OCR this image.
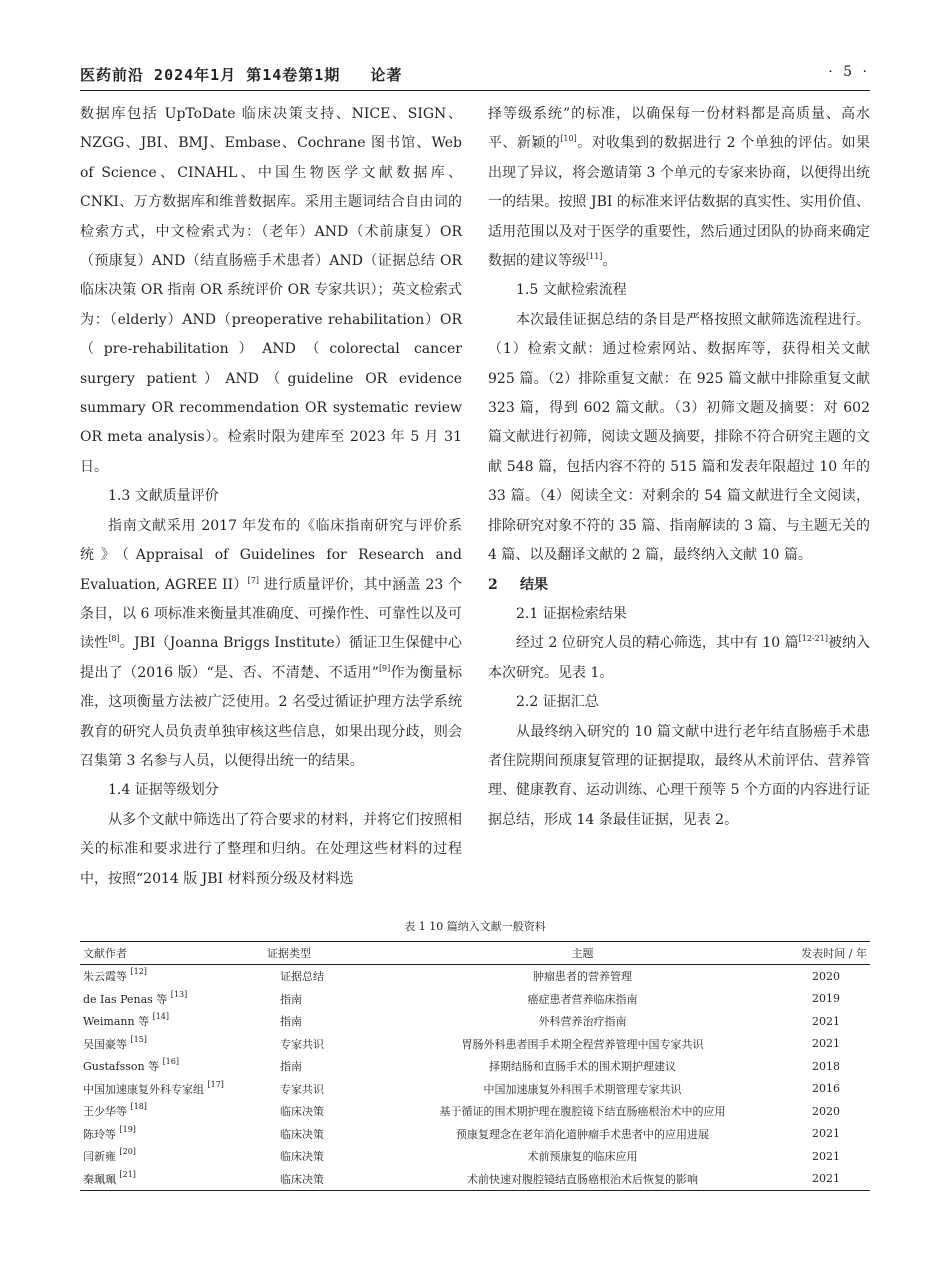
医药前沿 2024年1月 第14卷第1期 论著	· 5 ·

数据库包括 UpToDate 临床决策支持、NICE、SIGN、NZGG、JBI、BMJ、Embase、Cochrane 图书馆、Web of Science、CINAHL、中国生物医学文献数据库、CNKI、万方数据库和维普数据库。采用主题词结合自由词的检索方式，中文检索式为：（老年）AND（术前康复）OR（预康复）AND（结直肠癌手术患者）AND（证据总结 OR 临床决策 OR 指南 OR 系统评价 OR 专家共识）；英文检索式为：（elderly）AND（preoperative rehabilitation）OR（pre-rehabilitation）AND（colorectal cancer surgery patient）AND（guideline OR evidence summary OR recommendation OR systematic review OR meta analysis）。检索时限为建库至 2023 年 5 月 31 日。

1.3 文献质量评价

指南文献采用 2017 年发布的《临床指南研究与评价系统》（Appraisal of Guidelines for Research and Evaluation, AGREE II）[7] 进行质量评价，其中涵盖 23 个条目，以 6 项标准来衡量其准确度、可操作性、可靠性以及可读性[8]。JBI（Joanna Briggs Institute）循证卫生保健中心提出了（2016 版）“是、否、不清楚、不适用”[9]作为衡量标准，这项衡量方法被广泛使用。2 名受过循证护理方法学系统教育的研究人员负责单独审核这些信息，如果出现分歧，则会召集第 3 名参与人员，以便得出统一的结果。

1.4 证据等级划分

从多个文献中筛选出了符合要求的材料，并将它们按照相关的标准和要求进行了整理和归纳。在处理这些材料的过程中，按照“2014 版 JBI 材料预分级及材料选

择等级系统”的标准，以确保每一份材料都是高质量、高水平、新颖的[10]。对收集到的数据进行 2 个单独的评估。如果出现了异议，将会邀请第 3 个单元的专家来协商，以便得出统一的结果。按照 JBI 的标准来评估数据的真实性、实用价值、适用范围以及对于医学的重要性，然后通过团队的协商来确定数据的建议等级[11]。

1.5 文献检索流程

本次最佳证据总结的条目是严格按照文献筛选流程进行。（1）检索文献：通过检索网站、数据库等，获得相关文献 925 篇。（2）排除重复文献：在 925 篇文献中排除重复文献 323 篇，得到 602 篇文献。（3）初筛文题及摘要：对 602 篇文献进行初筛，阅读文题及摘要，排除不符合研究主题的文献 548 篇，包括内容不符的 515 篇和发表年限超过 10 年的 33 篇。（4）阅读全文：对剩余的 54 篇文献进行全文阅读，排除研究对象不符的 35 篇、指南解读的 3 篇、与主题无关的 4 篇、以及翻译文献的 2 篇，最终纳入文献 10 篇。

2 结果
2.1 证据检索结果

经过 2 位研究人员的精心筛选，其中有 10 篇[12-21]被纳入本次研究。见表 1。

2.2 证据汇总

从最终纳入研究的 10 篇文献中进行老年结直肠癌手术患者住院期间预康复管理的证据提取，最终从术前评估、营养管理、健康教育、运动训练、心理干预等 5 个方面的内容进行证据总结，形成 14 条最佳证据，见表 2。

表 1 10 篇纳入文献一般资料
文献作者	证据类型	主题	发表时间 / 年
朱云霞等 [12]	证据总结	肿瘤患者的营养管理	2020
de Ias Penas 等 [13]	指南	癌症患者营养临床指南	2019
Weimann 等 [14]	指南	外科营养治疗指南	2021
吴国豪等 [15]	专家共识	胃肠外科患者围手术期全程营养管理中国专家共识	2021
Gustafsson 等 [16]	指南	择期结肠和直肠手术的围术期护理建议	2018
中国加速康复外科专家组 [17]	专家共识	中国加速康复外科围手术期管理专家共识	2016
王少华等 [18]	临床决策	基于循证的围术期护理在腹腔镜下结直肠癌根治术中的应用	2020
陈玲等 [19]	临床决策	预康复理念在老年消化道肿瘤手术患者中的应用进展	2021
闫新雍 [20]	临床决策	术前预康复的临床应用	2021
秦珮珮 [21]	临床决策	术前快速对腹腔镜结直肠癌根治术后恢复的影响	2021
